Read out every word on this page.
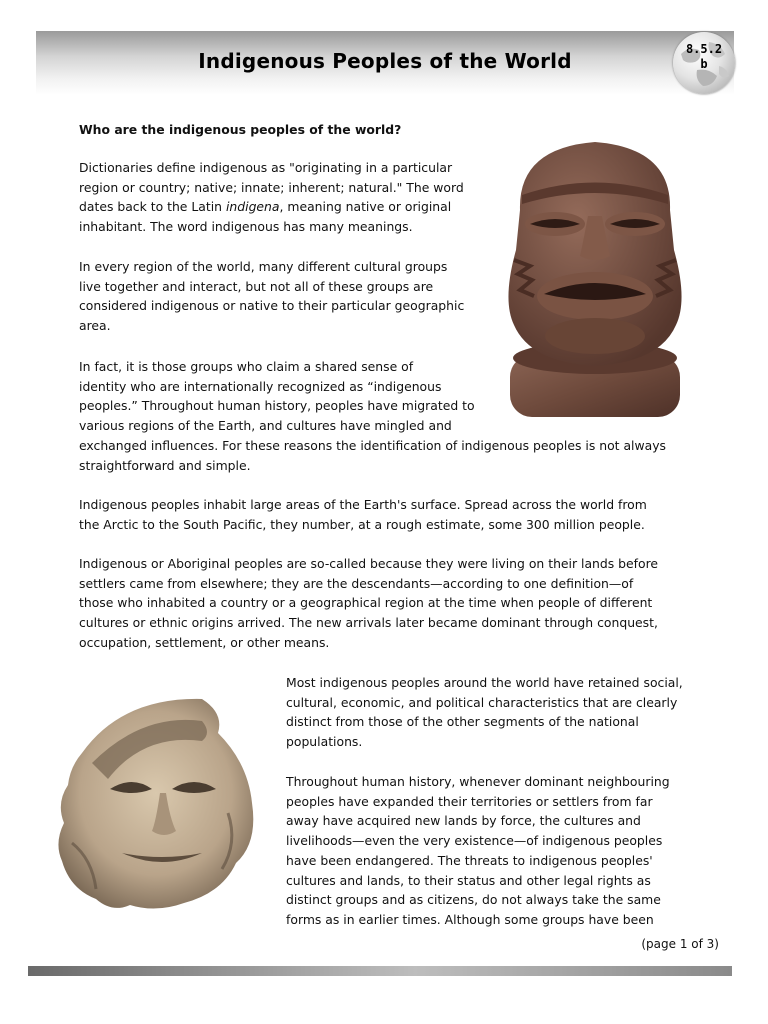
Indigenous Peoples of the World	8.5.2
b
Who are the indigenous peoples of the world?
Dictionaries define indigenous as "originating in a particular
region or country; native; innate; inherent; natural." The word
dates back to the Latin indigena, meaning native or original
inhabitant. The word indigenous has many meanings.
In every region of the world, many different cultural groups
live together and interact, but not all of these groups are
considered indigenous or native to their particular geographic
area.
In fact, it is those groups who claim a shared sense of
identity who are internationally recognized as “indigenous
peoples.” Throughout human history, peoples have migrated to
various regions of the Earth, and cultures have mingled and
exchanged influences. For these reasons the identification of indigenous peoples is not always
straightforward and simple.
Indigenous peoples inhabit large areas of the Earth's surface. Spread across the world from
the Arctic to the South Pacific, they number, at a rough estimate, some 300 million people.
Indigenous or Aboriginal peoples are so-called because they were living on their lands before
settlers came from elsewhere; they are the descendants—according to one definition—of
those who inhabited a country or a geographical region at the time when people of different
cultures or ethnic origins arrived. The new arrivals later became dominant through conquest,
occupation, settlement, or other means.
Most indigenous peoples around the world have retained social,
cultural, economic, and political characteristics that are clearly
distinct from those of the other segments of the national
populations.
Throughout human history, whenever dominant neighbouring
peoples have expanded their territories or settlers from far
away have acquired new lands by force, the cultures and
livelihoods—even the very existence—of indigenous peoples
have been endangered. The threats to indigenous peoples'
cultures and lands, to their status and other legal rights as
distinct groups and as citizens, do not always take the same
forms as in earlier times. Although some groups have been
(page 1 of 3)
